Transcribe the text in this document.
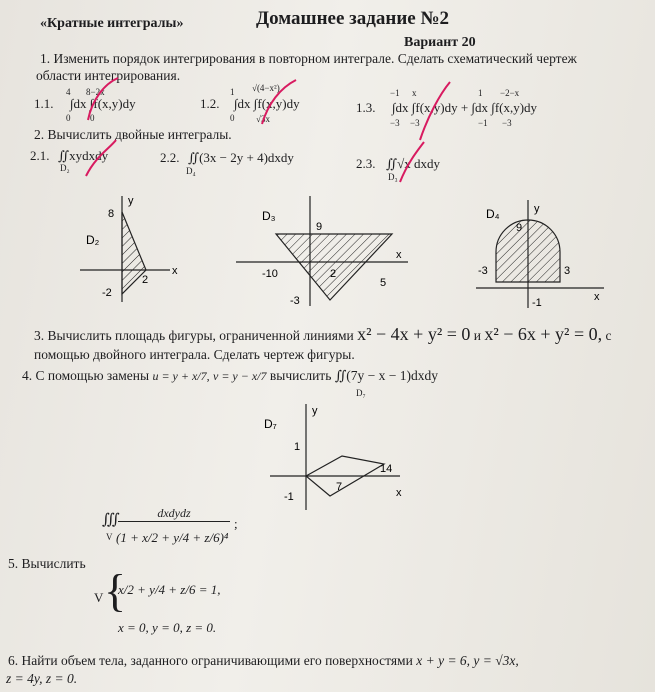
«Кратные интегралы»	Домашнее задание №2
Вариант 20
1. Изменить порядок интегрирования в повторном интеграле. Сделать схематический чертеж
области интегрирования.
1.1. ∫dx ∫f(x,y)dy
4
0
8−2x
0
1.2. ∫dx ∫f(x,y)dy
1
0
√(4−x²)
√3x
1.3. ∫dx ∫f(x,y)dy + ∫dx ∫f(x,y)dy
−1
−3
x
−3
1
−1
−2−x
−3
2. Вычислить двойные интегралы.
2.1. ∬xydxdy
D₂
2.2. ∬(3x − 2y + 4)dxdy
D₄	2.3. ∬√x dxdy
D₃
y
x
8
-2
2
D₂
9
x
-10	2
5
-3
D₃	y
x
9
-3	3
-1
D₄
3. Вычислить площадь фигуры, ограниченной линиями x² − 4x + y² = 0 и x² − 6x + y² = 0, с
помощью двойного интеграла. Сделать чертеж фигуры.
4. С помощью замены u = y + x/7, v = y − x/7 вычислить ∬(7y − x − 1)dxdy
D₇
y
x
1
14
7
-1
D₇
5. Вычислить
∭
V
dxdydz
(1 + x/2 + y/4 + z/6)⁴
;
V {
x/2 + y/4 + z/6 = 1,
x = 0, y = 0, z = 0.
6. Найти объем тела, заданного ограничивающими его поверхностями x + y = 6, y = √3x,
z = 4y, z = 0.
